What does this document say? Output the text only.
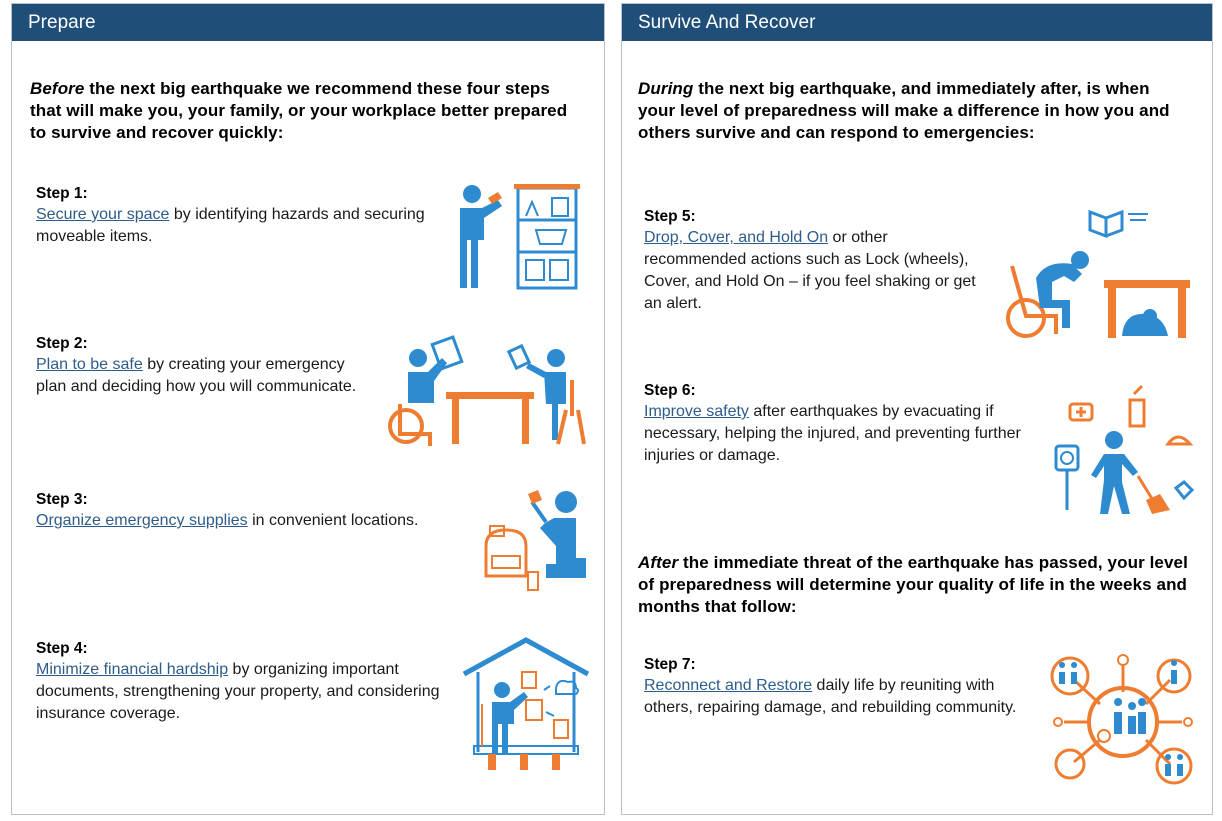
Prepare
Before the next big earthquake we recommend these four steps that will make you, your family, or your workplace better prepared to survive and recover quickly:
Step 1:
Secure your space by identifying hazards and securing moveable items.
Step 2:
Plan to be safe by creating your emergency plan and deciding how you will communicate.
Step 3:
Organize emergency supplies in convenient locations.
Step 4:
Minimize financial hardship by organizing important documents, strengthening your property, and considering insurance coverage.
Survive And Recover
During the next big earthquake, and immediately after, is when your level of preparedness will make a difference in how you and others survive and can respond to emergencies:
Step 5:
Drop, Cover, and Hold On or other recommended actions such as Lock (wheels), Cover, and Hold On – if you feel shaking or get an alert.
Step 6:
Improve safety after earthquakes by evacuating if necessary, helping the injured, and preventing further injuries or damage.
After the immediate threat of the earthquake has passed, your level of preparedness will determine your quality of life in the weeks and months that follow:
Step 7:
Reconnect and Restore daily life by reuniting with others, repairing damage, and rebuilding community.
